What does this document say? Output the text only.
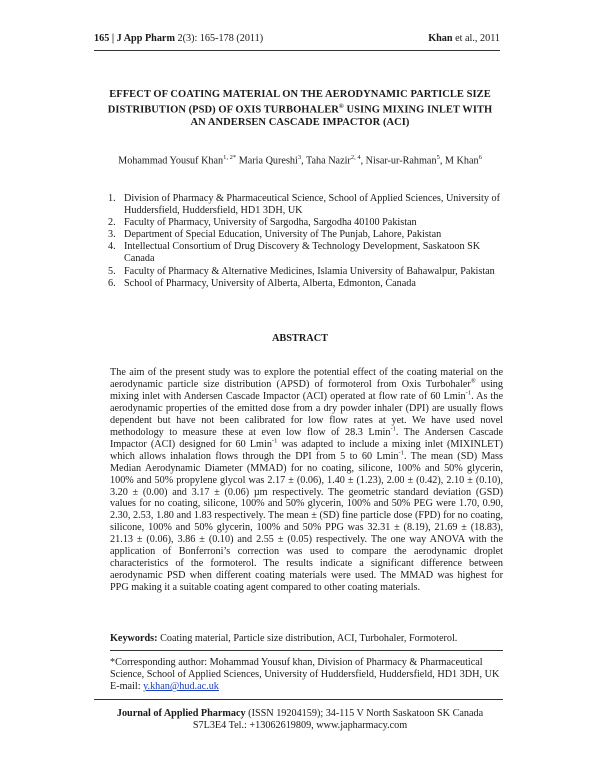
165 | J App Pharm 2(3): 165-178 (2011)	Khan et al., 2011
EFFECT OF COATING MATERIAL ON THE AERODYNAMIC PARTICLE SIZE
DISTRIBUTION (PSD) OF OXIS TURBOHALER® USING MIXING INLET WITH
AN ANDERSEN CASCADE IMPACTOR (ACI)
Mohammad Yousuf Khan$^{1, 2*}$ Maria Qureshi$^3$, Taha Nazir$^{2, 4}$, Nisar-ur-Rahman$^5$, M Khan$^6$
1. Division of Pharmacy & Pharmaceutical Science, School of Applied Sciences, University of Huddersfield, Huddersfield, HD1 3DH, UK
2. Faculty of Pharmacy, University of Sargodha, Sargodha 40100 Pakistan
3. Department of Special Education, University of The Punjab, Lahore, Pakistan
4. Intellectual Consortium of Drug Discovery & Technology Development, Saskatoon SK Canada
5. Faculty of Pharmacy & Alternative Medicines, Islamia University of Bahawalpur, Pakistan
6. School of Pharmacy, University of Alberta, Alberta, Edmonton, Canada
ABSTRACT

The aim of the present study was to explore the potential effect of the coating material on the aerodynamic particle size distribution (APSD) of formoterol from Oxis Turbohaler® using mixing inlet with Andersen Cascade Impactor (ACI) operated at flow rate of 60 Lmin$^{-1}$. As the aerodynamic properties of the emitted dose from a dry powder inhaler (DPI) are usually flows dependent but have not been calibrated for low flow rates at yet. We have used novel methodology to measure these at even low flow of 28.3 Lmin$^{-1}$. The Andersen Cascade Impactor (ACI) designed for 60 Lmin$^{-1}$ was adapted to include a mixing inlet (MIXINLET) which allows inhalation flows through the DPI from 5 to 60 Lmin$^{-1}$. The mean (SD) Mass Median Aerodynamic Diameter (MMAD) for no coating, silicone, 100% and 50% glycerin, 100% and 50% propylene glycol was 2.17 ± (0.06), 1.40 ± (1.23), 2.00 ± (0.42), 2.10 ± (0.10), 3.20 ± (0.00) and 3.17 ± (0.06) µm respectively. The geometric standard deviation (GSD) values for no coating, silicone, 100% and 50% glycerin, 100% and 50% PEG were 1.70, 0.90, 2.30, 2.53, 1.80 and 1.83 respectively. The mean ± (SD) fine particle dose (FPD) for no coating, silicone, 100% and 50% glycerin, 100% and 50% PPG was 32.31 ± (8.19), 21.69 ± (18.83), 21.13 ± (0.06), 3.86 ± (0.10) and 2.55 ± (0.05) respectively. The one way ANOVA with the application of Bonferroni’s correction was used to compare the aerodynamic droplet characteristics of the formoterol. The results indicate a significant difference between aerodynamic PSD when different coating materials were used. The MMAD was highest for PPG making it a suitable coating agent compared to other coating materials.

Keywords: Coating material, Particle size distribution, ACI, Turbohaler, Formoterol.
*Corresponding author: Mohammad Yousuf khan, Division of Pharmacy & Pharmaceutical Science, School of Applied Sciences, University of Huddersfield, Huddersfield, HD1 3DH, UK E-mail: y.khan@hud.ac.uk
Journal of Applied Pharmacy (ISSN 19204159); 34-115 V North Saskatoon SK Canada
S7L3E4 Tel.: +13062619809, www.japharmacy.com
